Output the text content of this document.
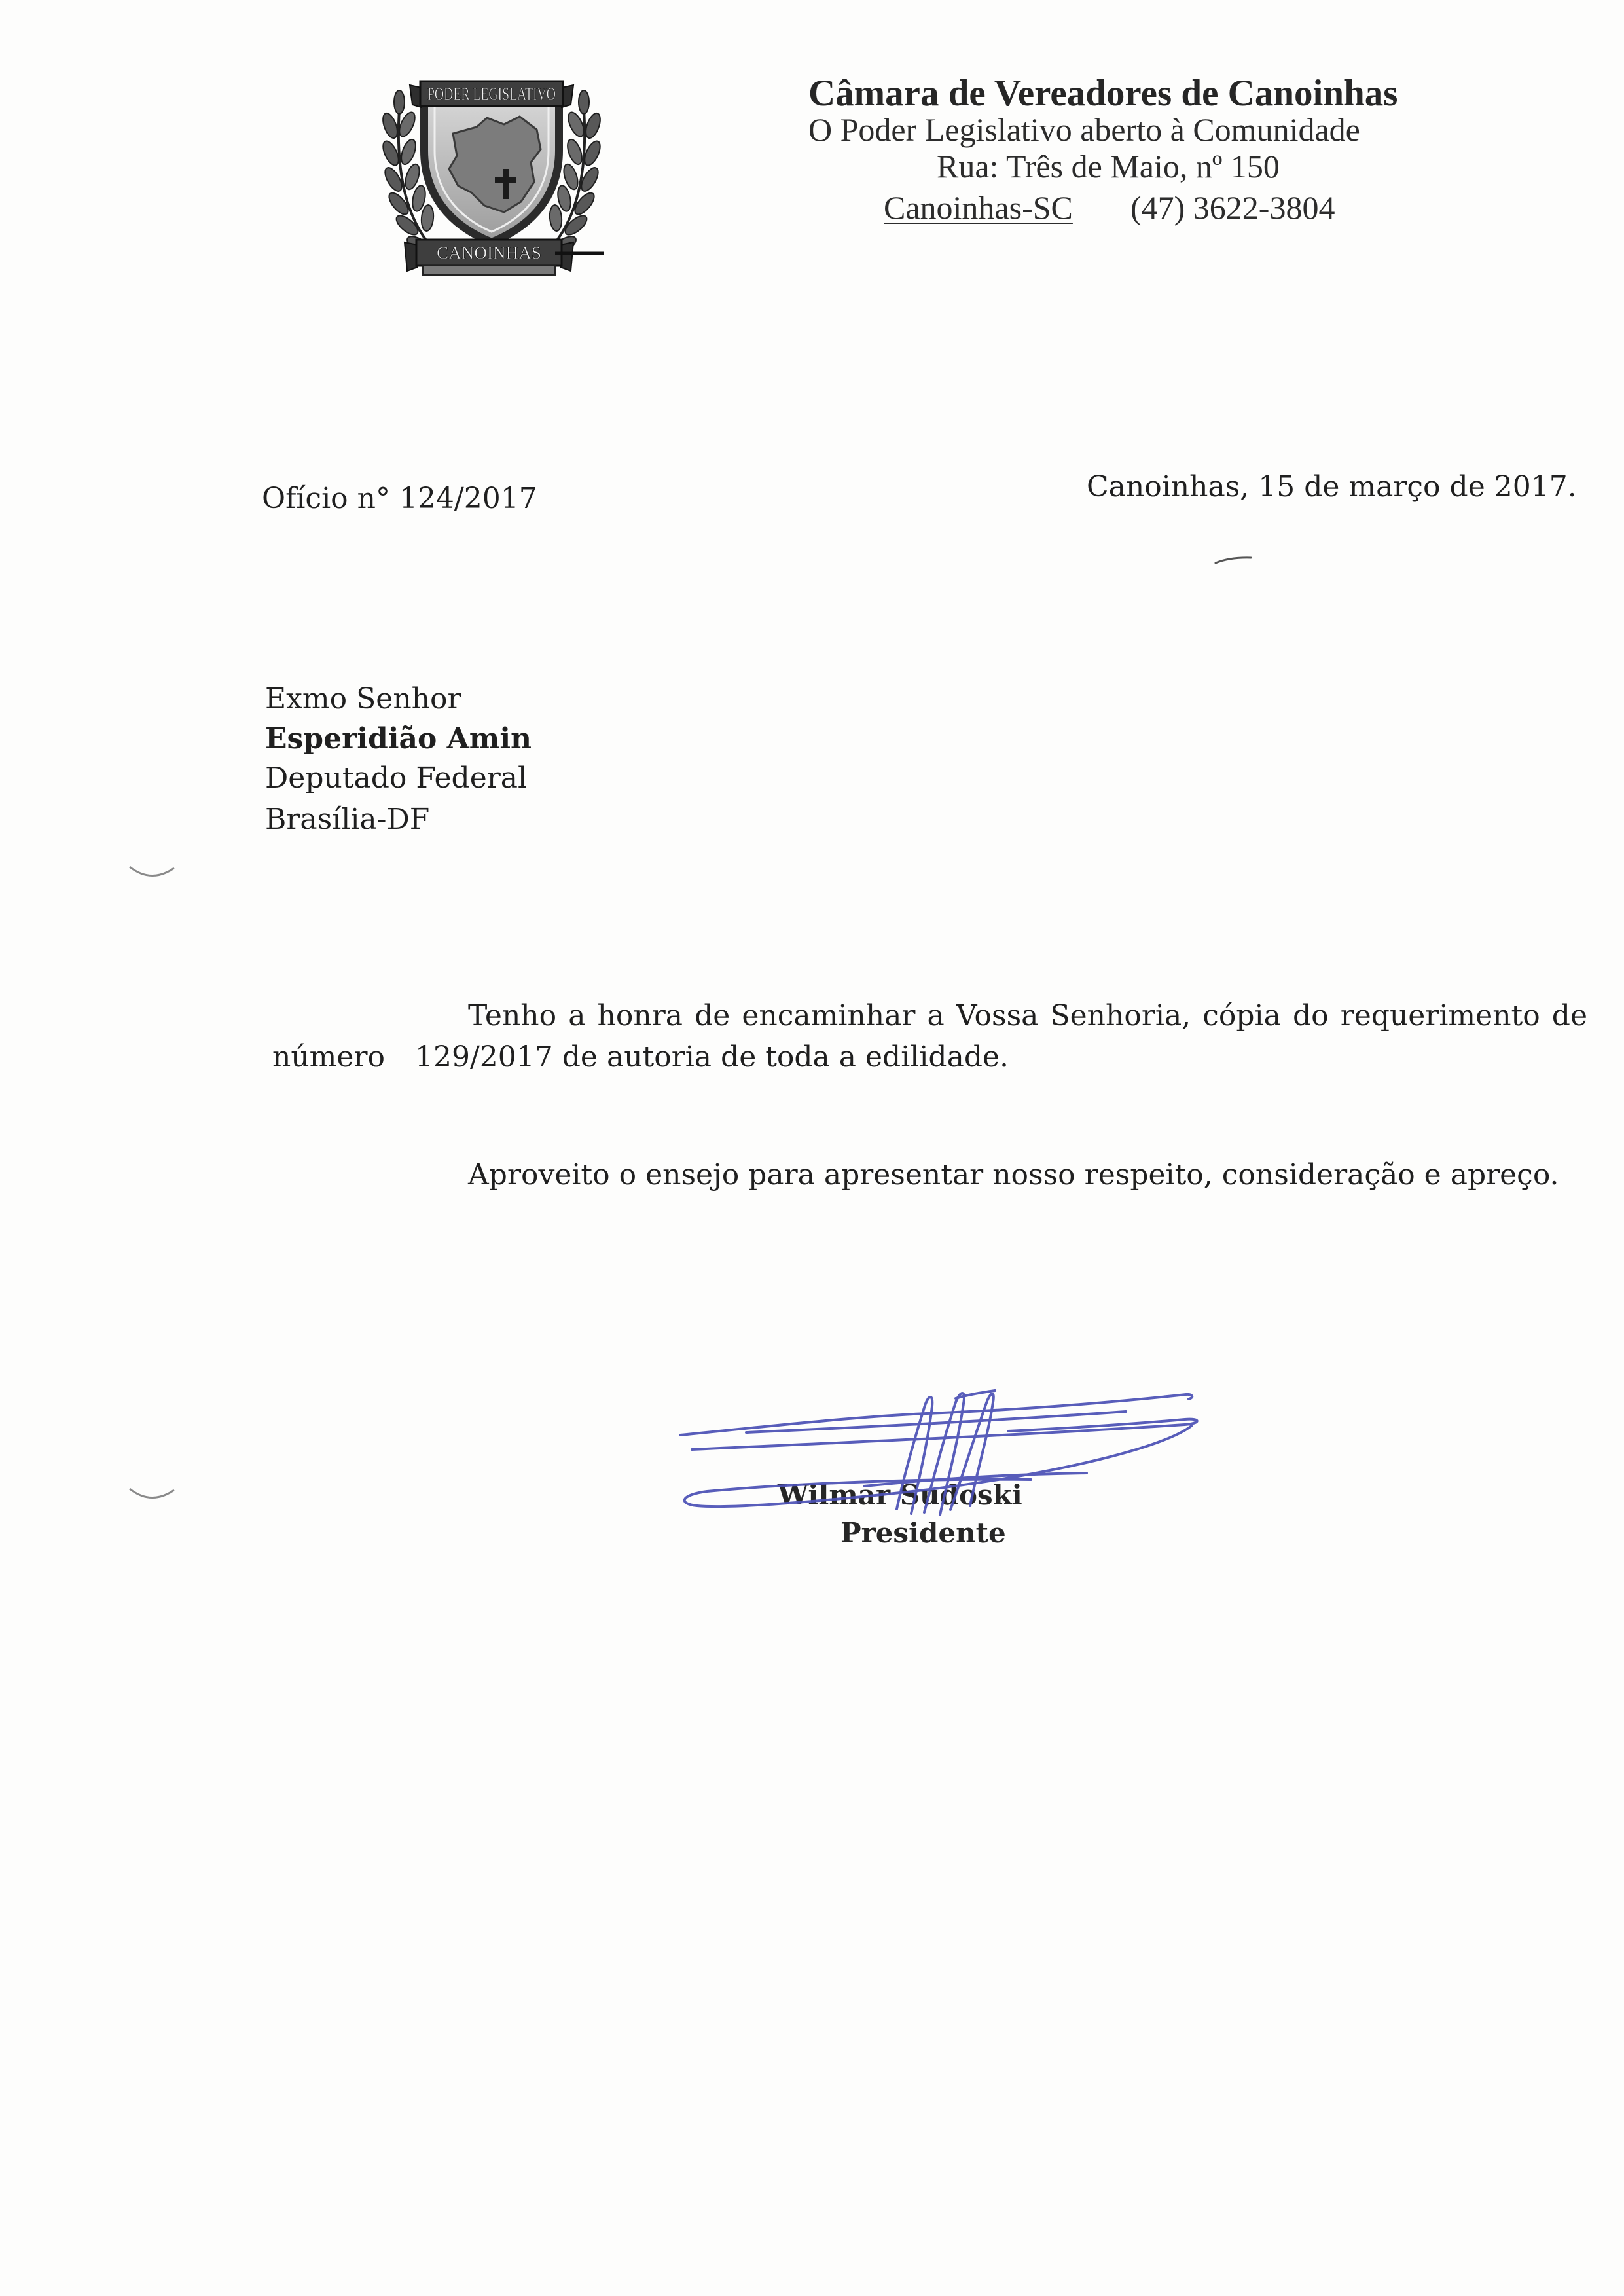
PODER LEGISLATIVO
CANOINHAS
Câmara de Vereadores de Canoinhas
O Poder Legislativo aberto à Comunidade
Rua: Três de Maio, nº 150
Canoinhas-SC (47) 3622-3804
Ofício n° 124/2017	Canoinhas, 15 de março de 2017.
Exmo Senhor
Esperidião Amin
Deputado Federal
Brasília-DF
Tenho a honra de encaminhar a Vossa Senhoria, cópia do requerimento de
número 129/2017 de autoria de toda a edilidade.
Aproveito o ensejo para apresentar nosso respeito, consideração e apreço.
Wilmar Sudoski
Presidente
